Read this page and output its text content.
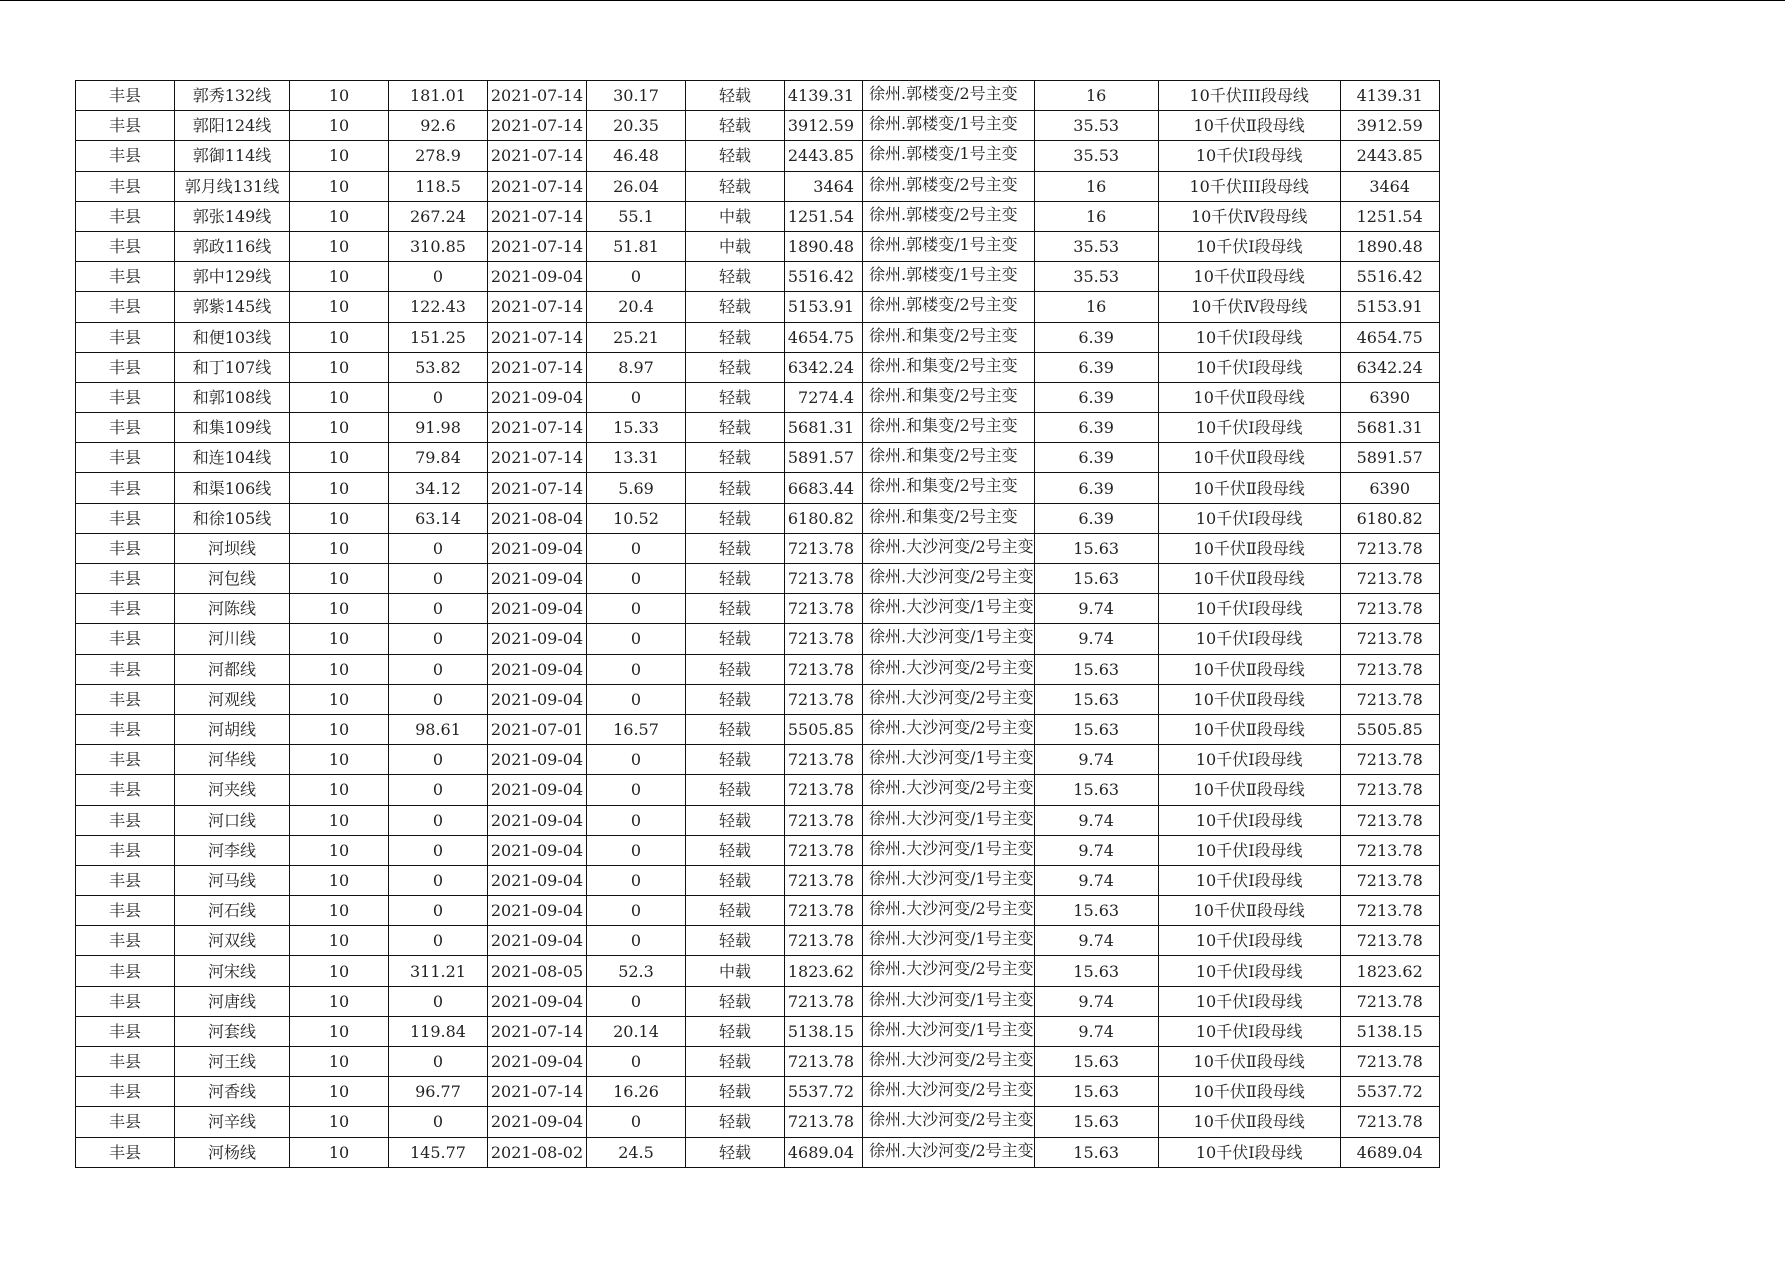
丰县	郭秀132线	10	181.01	2021-07-14	30.17	轻载	4139.31	徐州.郭楼变/2号主变	16	10千伏III段母线	4139.31
丰县	郭阳124线	10	92.6	2021-07-14	20.35	轻载	3912.59	徐州.郭楼变/1号主变	35.53	10千伏Ⅱ段母线	3912.59
丰县	郭御114线	10	278.9	2021-07-14	46.48	轻载	2443.85	徐州.郭楼变/1号主变	35.53	10千伏Ⅰ段母线	2443.85
丰县	郭月线131线	10	118.5	2021-07-14	26.04	轻载	3464	徐州.郭楼变/2号主变	16	10千伏III段母线	3464
丰县	郭张149线	10	267.24	2021-07-14	55.1	中载	1251.54	徐州.郭楼变/2号主变	16	10千伏Ⅳ段母线	1251.54
丰县	郭政116线	10	310.85	2021-07-14	51.81	中载	1890.48	徐州.郭楼变/1号主变	35.53	10千伏Ⅰ段母线	1890.48
丰县	郭中129线	10	0	2021-09-04	0	轻载	5516.42	徐州.郭楼变/1号主变	35.53	10千伏Ⅱ段母线	5516.42
丰县	郭紫145线	10	122.43	2021-07-14	20.4	轻载	5153.91	徐州.郭楼变/2号主变	16	10千伏Ⅳ段母线	5153.91
丰县	和便103线	10	151.25	2021-07-14	25.21	轻载	4654.75	徐州.和集变/2号主变	6.39	10千伏Ⅰ段母线	4654.75
丰县	和丁107线	10	53.82	2021-07-14	8.97	轻载	6342.24	徐州.和集变/2号主变	6.39	10千伏Ⅰ段母线	6342.24
丰县	和郭108线	10	0	2021-09-04	0	轻载	7274.4	徐州.和集变/2号主变	6.39	10千伏Ⅱ段母线	6390
丰县	和集109线	10	91.98	2021-07-14	15.33	轻载	5681.31	徐州.和集变/2号主变	6.39	10千伏Ⅰ段母线	5681.31
丰县	和连104线	10	79.84	2021-07-14	13.31	轻载	5891.57	徐州.和集变/2号主变	6.39	10千伏Ⅱ段母线	5891.57
丰县	和渠106线	10	34.12	2021-07-14	5.69	轻载	6683.44	徐州.和集变/2号主变	6.39	10千伏Ⅱ段母线	6390
丰县	和徐105线	10	63.14	2021-08-04	10.52	轻载	6180.82	徐州.和集变/2号主变	6.39	10千伏Ⅰ段母线	6180.82
丰县	河坝线	10	0	2021-09-04	0	轻载	7213.78	徐州.大沙河变/2号主变	15.63	10千伏Ⅱ段母线	7213.78
丰县	河包线	10	0	2021-09-04	0	轻载	7213.78	徐州.大沙河变/2号主变	15.63	10千伏Ⅱ段母线	7213.78
丰县	河陈线	10	0	2021-09-04	0	轻载	7213.78	徐州.大沙河变/1号主变	9.74	10千伏Ⅰ段母线	7213.78
丰县	河川线	10	0	2021-09-04	0	轻载	7213.78	徐州.大沙河变/1号主变	9.74	10千伏Ⅰ段母线	7213.78
丰县	河都线	10	0	2021-09-04	0	轻载	7213.78	徐州.大沙河变/2号主变	15.63	10千伏Ⅱ段母线	7213.78
丰县	河观线	10	0	2021-09-04	0	轻载	7213.78	徐州.大沙河变/2号主变	15.63	10千伏Ⅱ段母线	7213.78
丰县	河胡线	10	98.61	2021-07-01	16.57	轻载	5505.85	徐州.大沙河变/2号主变	15.63	10千伏Ⅱ段母线	5505.85
丰县	河华线	10	0	2021-09-04	0	轻载	7213.78	徐州.大沙河变/1号主变	9.74	10千伏Ⅰ段母线	7213.78
丰县	河夹线	10	0	2021-09-04	0	轻载	7213.78	徐州.大沙河变/2号主变	15.63	10千伏Ⅱ段母线	7213.78
丰县	河口线	10	0	2021-09-04	0	轻载	7213.78	徐州.大沙河变/1号主变	9.74	10千伏Ⅰ段母线	7213.78
丰县	河李线	10	0	2021-09-04	0	轻载	7213.78	徐州.大沙河变/1号主变	9.74	10千伏Ⅰ段母线	7213.78
丰县	河马线	10	0	2021-09-04	0	轻载	7213.78	徐州.大沙河变/1号主变	9.74	10千伏Ⅰ段母线	7213.78
丰县	河石线	10	0	2021-09-04	0	轻载	7213.78	徐州.大沙河变/2号主变	15.63	10千伏Ⅱ段母线	7213.78
丰县	河双线	10	0	2021-09-04	0	轻载	7213.78	徐州.大沙河变/1号主变	9.74	10千伏Ⅰ段母线	7213.78
丰县	河宋线	10	311.21	2021-08-05	52.3	中载	1823.62	徐州.大沙河变/2号主变	15.63	10千伏Ⅰ段母线	1823.62
丰县	河唐线	10	0	2021-09-04	0	轻载	7213.78	徐州.大沙河变/1号主变	9.74	10千伏Ⅰ段母线	7213.78
丰县	河套线	10	119.84	2021-07-14	20.14	轻载	5138.15	徐州.大沙河变/1号主变	9.74	10千伏Ⅰ段母线	5138.15
丰县	河王线	10	0	2021-09-04	0	轻载	7213.78	徐州.大沙河变/2号主变	15.63	10千伏Ⅱ段母线	7213.78
丰县	河香线	10	96.77	2021-07-14	16.26	轻载	5537.72	徐州.大沙河变/2号主变	15.63	10千伏Ⅱ段母线	5537.72
丰县	河辛线	10	0	2021-09-04	0	轻载	7213.78	徐州.大沙河变/2号主变	15.63	10千伏Ⅱ段母线	7213.78
丰县	河杨线	10	145.77	2021-08-02	24.5	轻载	4689.04	徐州.大沙河变/2号主变	15.63	10千伏Ⅰ段母线	4689.04
